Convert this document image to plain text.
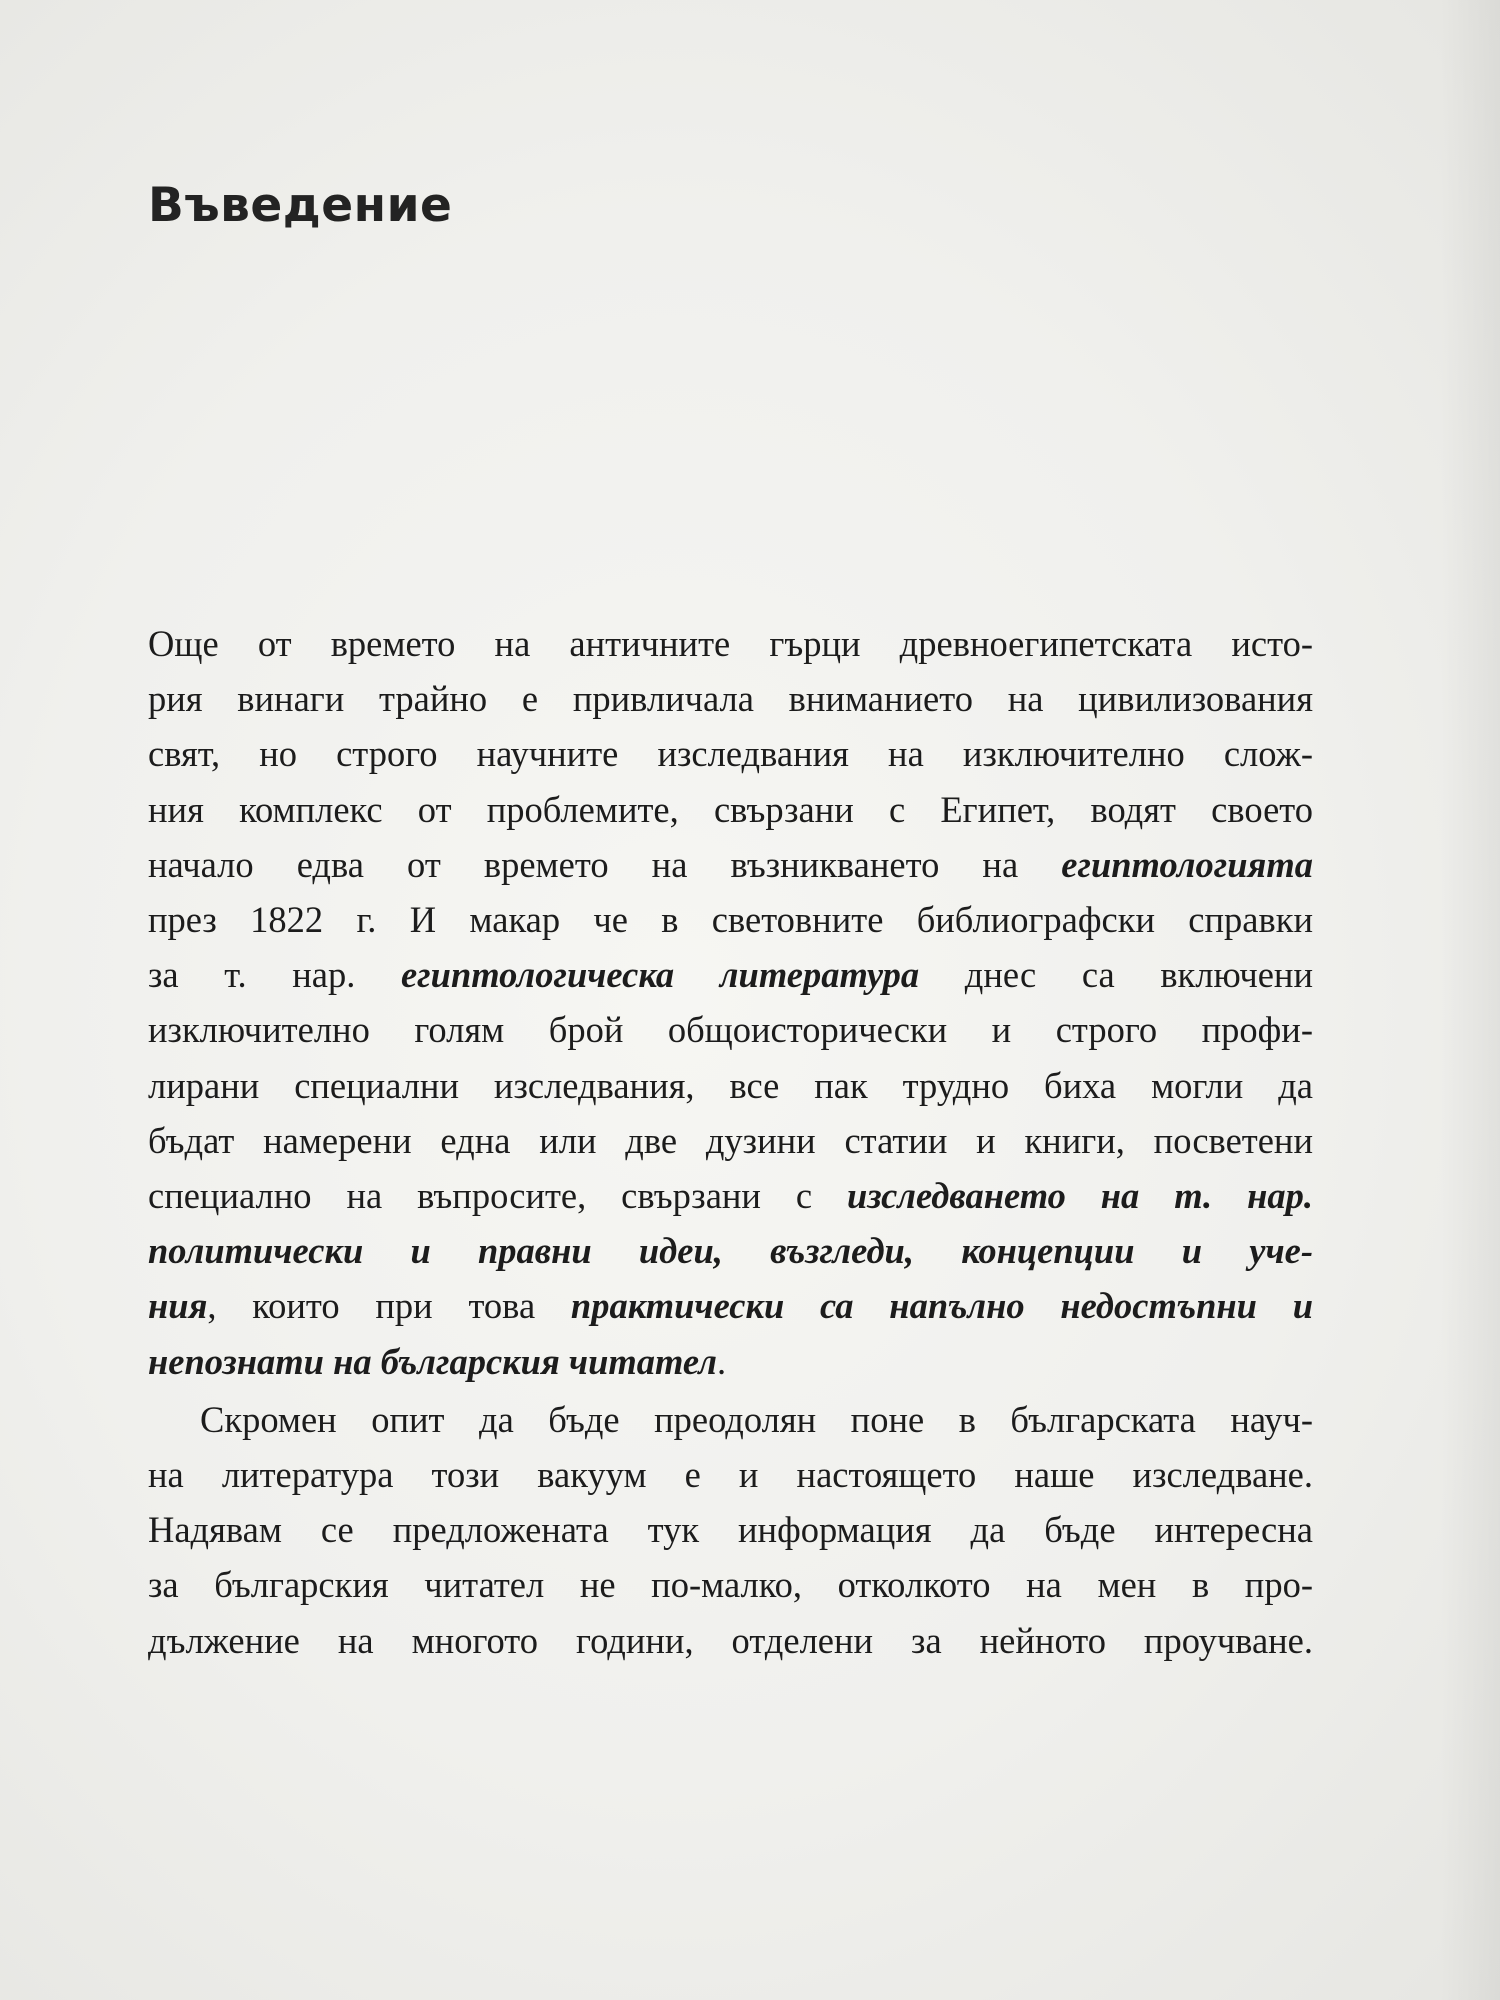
Въведение
Още от времето на античните гърци древноегипетската исто-
рия винаги трайно е привличала вниманието на цивилизования
свят, но строго научните изследвания на изключително слож-
ния комплекс от проблемите, свързани с Египет, водят своето
начало едва от времето на възникването на египтологията
през 1822 г. И макар че в световните библиографски справки
за т. нар. египтологическа литература днес са включени
изключително голям брой общоисторически и строго профи-
лирани специални изследвания, все пак трудно биха могли да
бъдат намерени една или две дузини статии и книги, посветени
специално на въпросите, свързани с изследването на т. нар.
политически и правни идеи, възгледи, концепции и уче-
ния, които при това практически са напълно недостъпни и
непознати на българския читател.
Скромен опит да бъде преодолян поне в българската науч-
на литература този вакуум е и настоящето наше изследване.
Надявам се предложената тук информация да бъде интересна
за българския читател не по-малко, отколкото на мен в про-
дължение на многото години, отделени за нейното проучване.
